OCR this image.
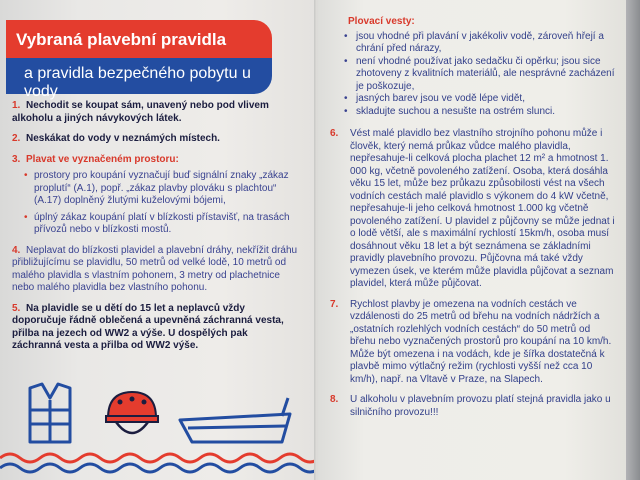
Vybraná plavební pravidla
a pravidla bezpečného pobytu u vody
1. Nechodit se koupat sám, unavený nebo pod vlivem alkoholu a jiných návykových látek.
2. Neskákat do vody v neznámých místech.
3. Plavat ve vyznačeném prostoru:
• prostory pro koupání vyznačují buď signální znaky „zákaz proplutí“ (A.1), popř. „zákaz plavby plováku s plachtou“ (A.17) doplněný žlutými kuželovými bójemi,
• úplný zákaz koupání platí v blízkosti přístavišť, na trasách přívozů nebo v blízkosti mostů.
4. Neplavat do blízkosti plavidel a plavební dráhy, nekřížit dráhu přibližujícímu se plavidlu, 50 metrů od velké lodě, 10 metrů od malého plavidla s vlastním pohonem, 3 metry od plachetnice nebo malého plavidla bez vlastního pohonu.
5. Na plavidle se u dětí do 15 let a neplavců vždy doporučuje řádně oblečená a upevněná záchranná vesta, přilba na jezech od WW2 a výše. U dospělých pak záchranná vesta a přilba od WW2 výše.
Plovací vesty:
• jsou vhodné při plavání v jakékoliv vodě, zároveň hřejí a chrání před nárazy,
• není vhodné používat jako sedačku či opěrku; jsou sice zhotoveny z kvalitních materiálů, ale nesprávné zacházení je poškozuje,
• jasných barev jsou ve vodě lépe vidět,
• skladujte suchou a nesušte na ostrém slunci.
6. Vést malé plavidlo bez vlastního strojního pohonu může i člověk, který nemá průkaz vůdce malého plavidla, nepřesahuje-li celková plocha plachet 12 m² a hmotnost 1. 000 kg, včetně povoleného zatížení. Osoba, která dosáhla věku 15 let, může bez průkazu způsobilosti vést na všech vodních cestách malé plavidlo s výkonem do 4 kW včetně, nepřesahuje-li jeho celková hmotnost 1.000 kg včetně povoleného zatížení. U plavidel z půjčovny se může jednat i o lodě větší, ale s maximální rychlostí 15km/h, osoba musí dosáhnout věku 18 let a být seznámena se základními pravidly plavebního provozu. Půjčovna má také vždy vymezen úsek, ve kterém může plavidla půjčovat a seznam plavidel, která může půjčovat.
7. Rychlost plavby je omezena na vodních cestách ve vzdálenosti do 25 metrů od břehu na vodních nádržích a „ostatních rozlehlých vodních cestách“ do 50 metrů od břehu nebo vyznačených prostorů pro koupání na 10 km/h. Může být omezena i na vodách, kde je šířka dostatečná k plavbě mimo výtlačný režim (rychlosti vyšší než cca 10 km/h), např. na Vltavě v Praze, na Slapech.
8. U alkoholu v plavebním provozu platí stejná pravidla jako u silničního provozu!!!
